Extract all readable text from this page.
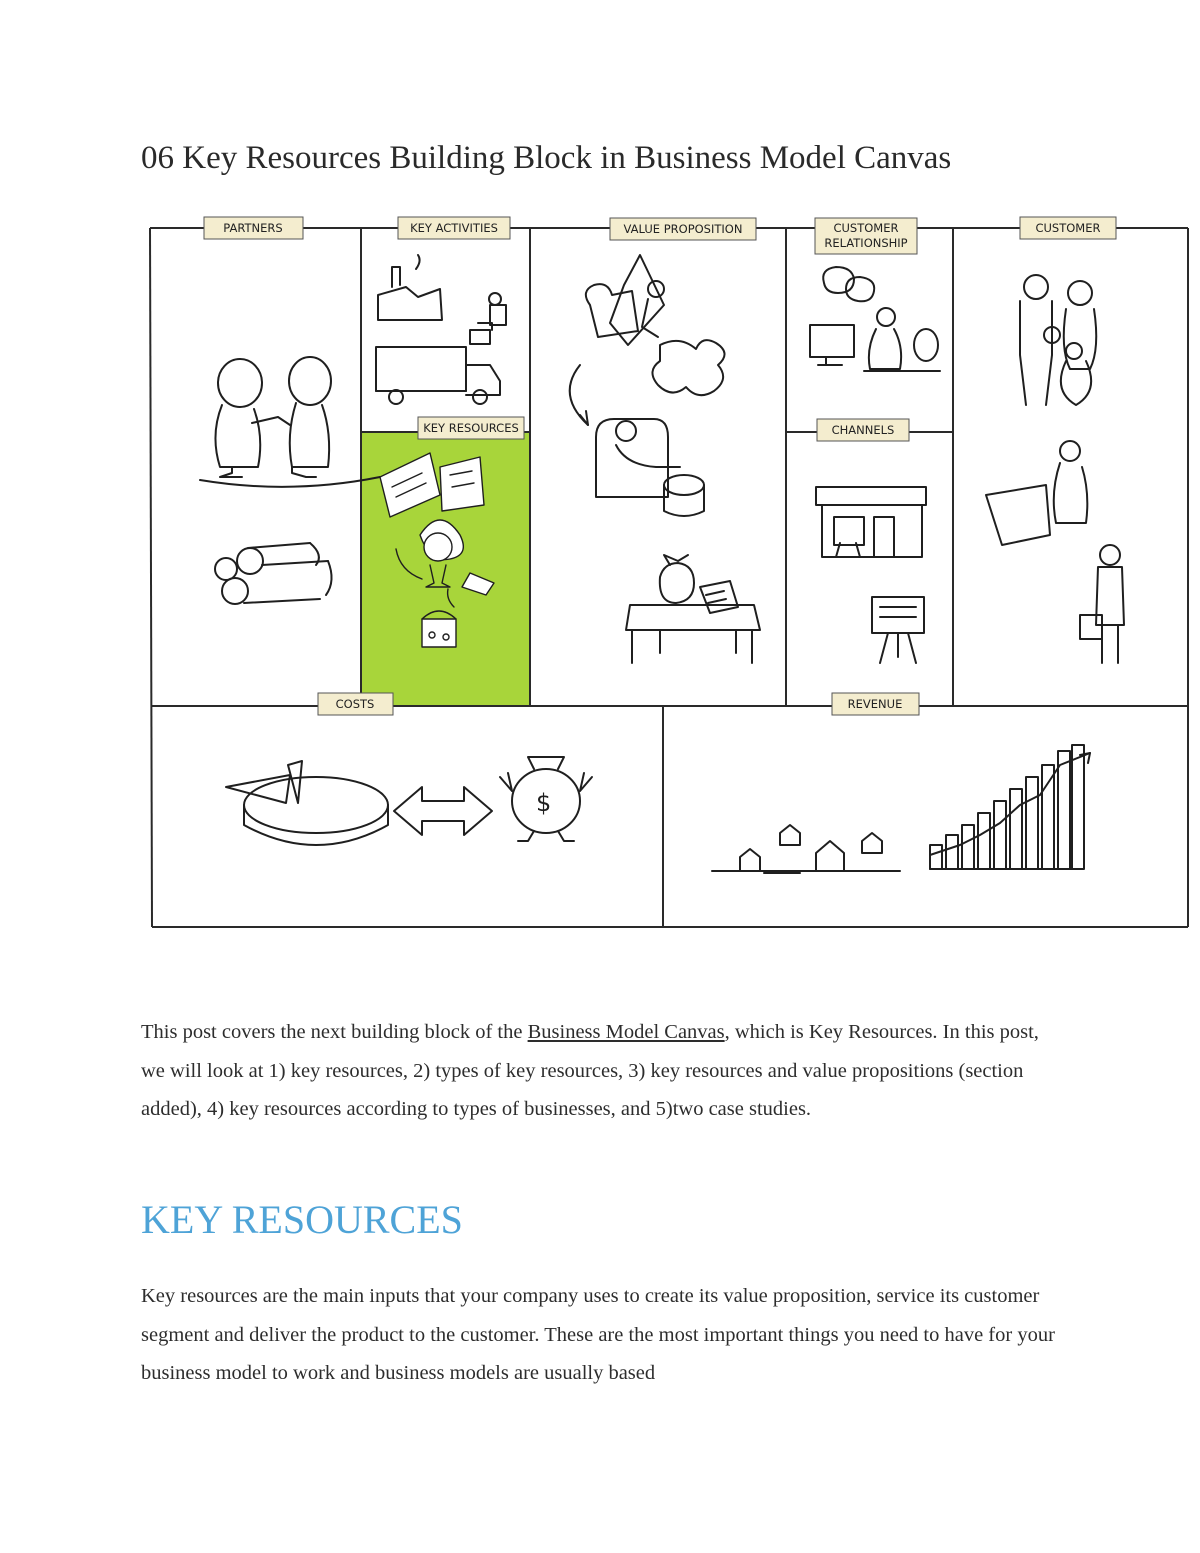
06 Key Resources Building Block in Business Model Canvas
PARTNERS	KEY ACTIVITIES	VALUE PROPOSITION	CUSTOMER
RELATIONSHIP
CUSTOMER
KEY RESOURCES	CHANNELS
COSTS	REVENUE
$

This post covers the next building block of the Business Model Canvas, which is Key Resources. In this post, we will look at 1) key resources, 2) types of key resources, 3) key resources and value propositions (section added), 4) key resources according to types of businesses, and 5)two case studies.

KEY RESOURCES

Key resources are the main inputs that your company uses to create its value proposition, service its customer segment and deliver the product to the customer. These are the most important things you need to have for your business model to work and business models are usually based
